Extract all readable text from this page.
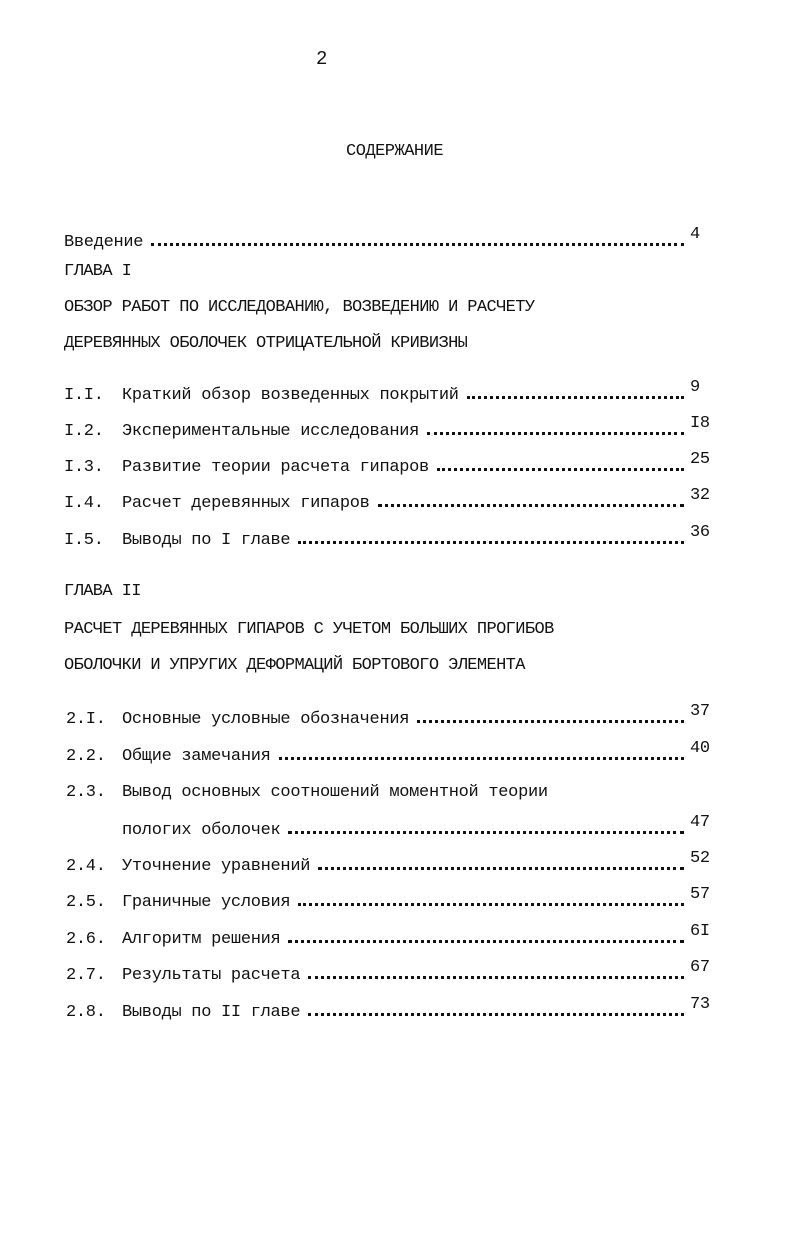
2
СОДЕРЖАНИЕ
Введение	4
ГЛАВА I
ОБЗОР РАБОТ ПО ИССЛЕДОВАНИЮ, ВОЗВЕДЕНИЮ И РАСЧЕТУ
ДЕРЕВЯННЫХ ОБОЛОЧЕК ОТРИЦАТЕЛЬНОЙ КРИВИЗНЫ
I.I.	Краткий обзор возведенных покрытий	9
I.2.	Экспериментальные исследования	I8
I.3.	Развитие теории расчета гипаров	25
I.4.	Расчет деревянных гипаров	32
I.5.	Выводы по I главе	36
ГЛАВА II
РАСЧЕТ ДЕРЕВЯННЫХ ГИПАРОВ С УЧЕТОМ БОЛЬШИХ ПРОГИБОВ
ОБОЛОЧКИ И УПРУГИХ ДЕФОРМАЦИЙ БОРТОВОГО ЭЛЕМЕНТА
2.I. Основные условные обозначения	37
2.2. Общие замечания	40
2.3. Вывод основных соотношений моментной теории
пологих оболочек	47
2.4. Уточнение уравнений	52
2.5. Граничные условия	57
2.6. Алгоритм решения	6I
2.7. Результаты расчета	67
2.8. Выводы по II главе	73
